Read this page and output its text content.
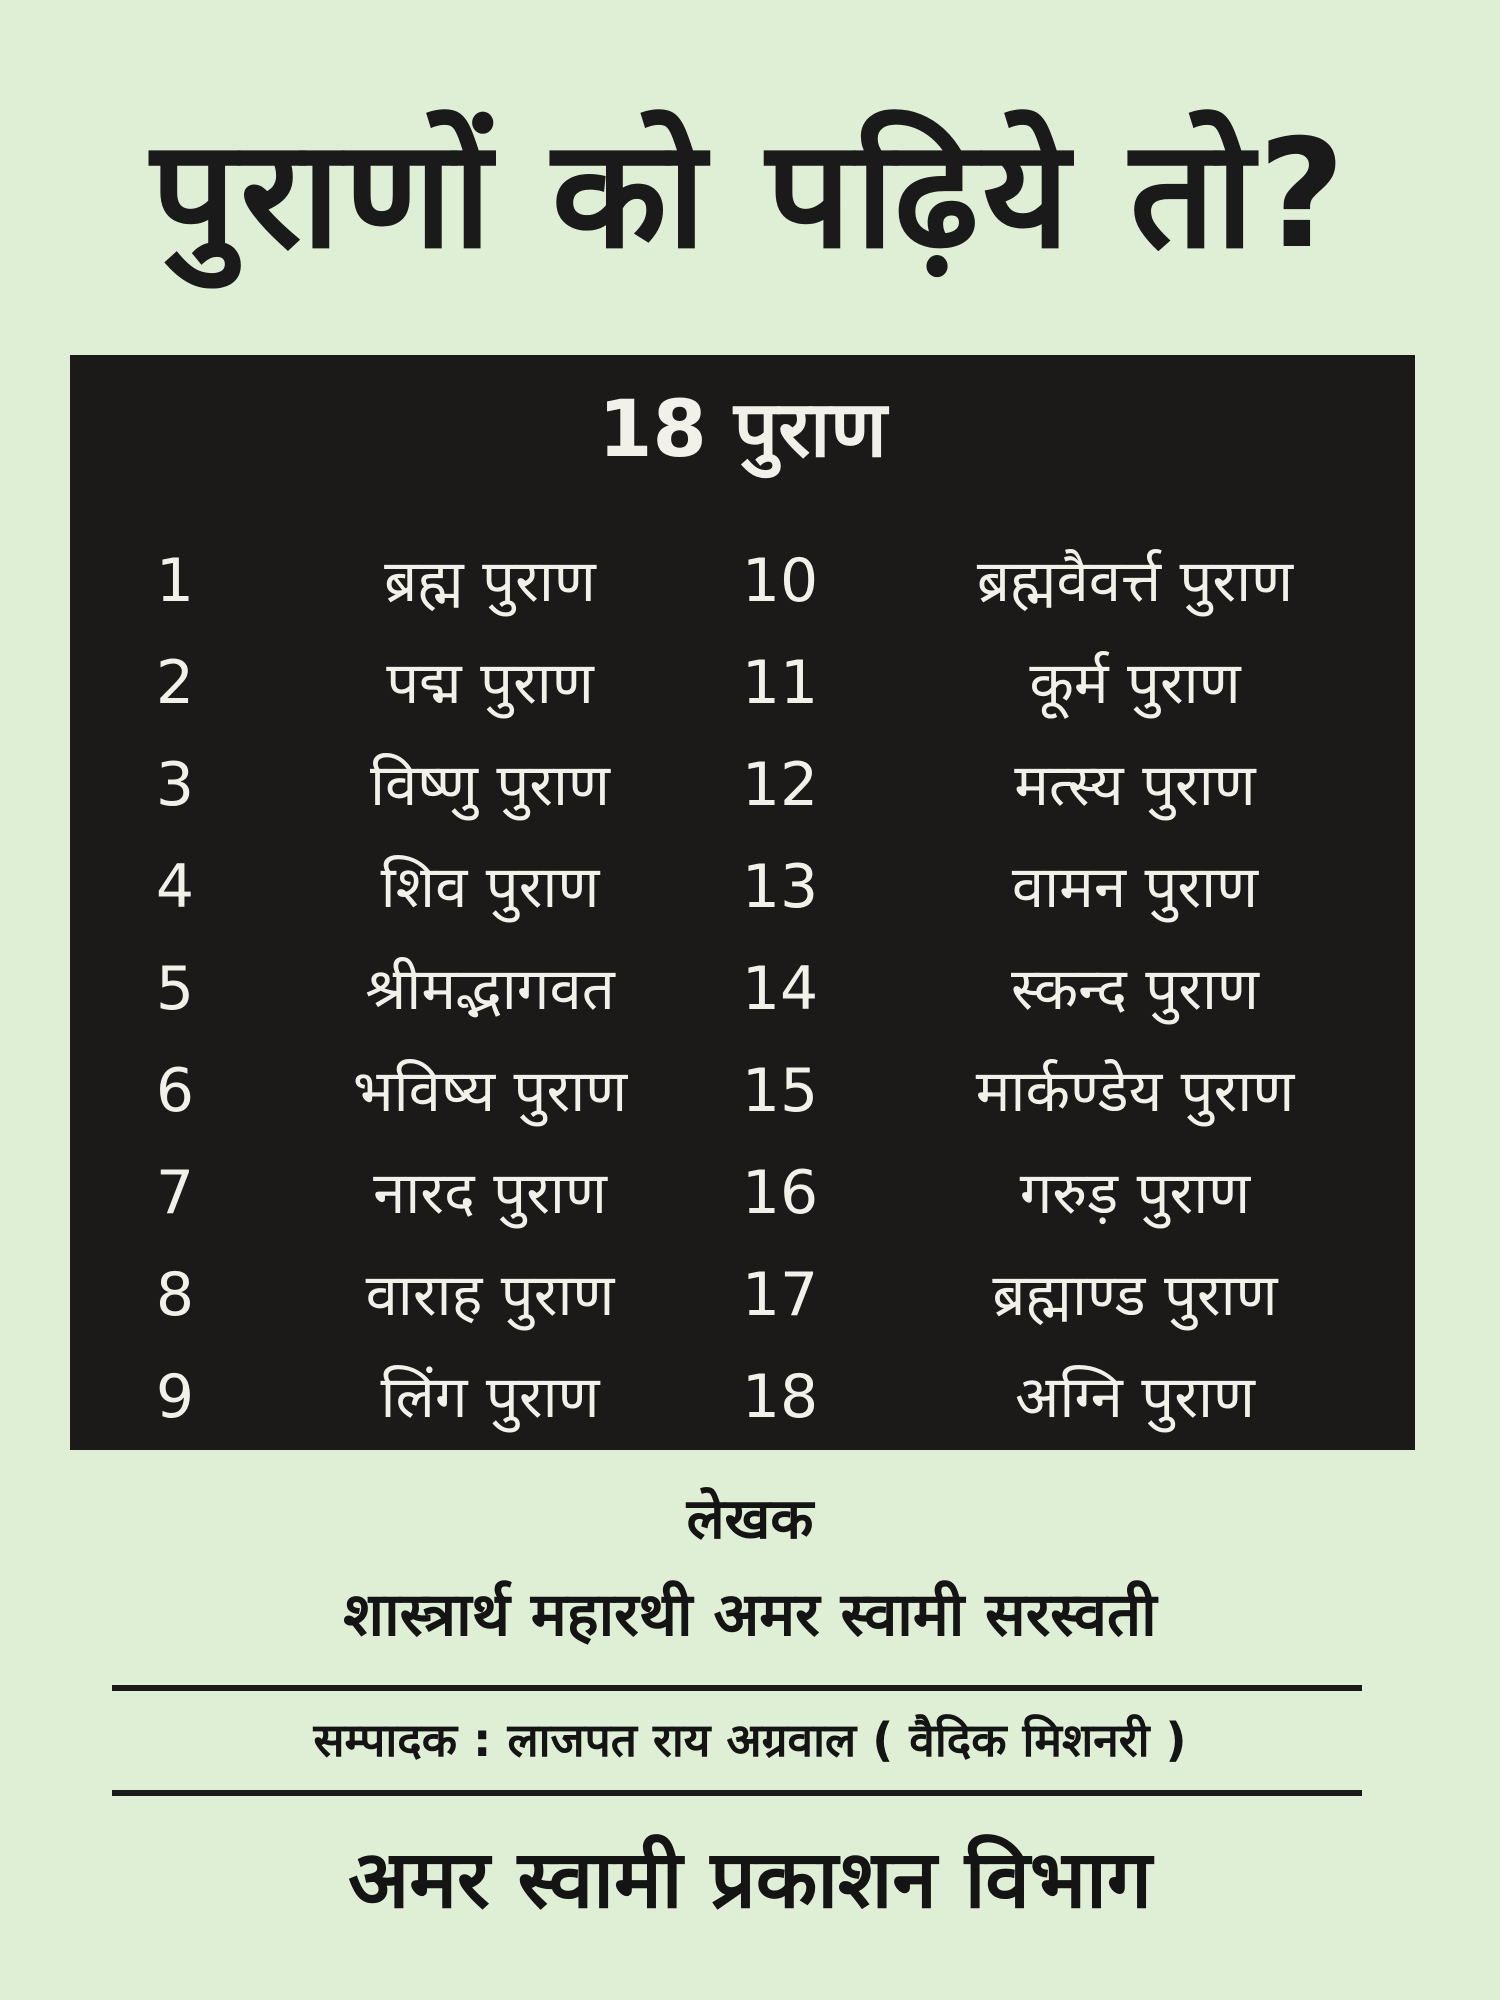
पुराणों को पढ़िये तो?
18 पुराण
1	ब्रह्म पुराण	10	ब्रह्मवैवर्त्त पुराण
2	पद्म पुराण	11	कूर्म पुराण
3	विष्णु पुराण	12	मत्स्य पुराण
4	शिव पुराण	13	वामन पुराण
5	श्रीमद्भागवत	14	स्कन्द पुराण
6	भविष्य पुराण	15	मार्कण्डेय पुराण
7	नारद पुराण	16	गरुड़ पुराण
8	वाराह पुराण	17	ब्रह्माण्ड पुराण
9	लिंग पुराण	18	अग्नि पुराण
लेखक
शास्त्रार्थ महारथी अमर स्वामी सरस्वती
सम्पादक : लाजपत राय अग्रवाल ( वैदिक मिशनरी )
अमर स्वामी प्रकाशन विभाग
